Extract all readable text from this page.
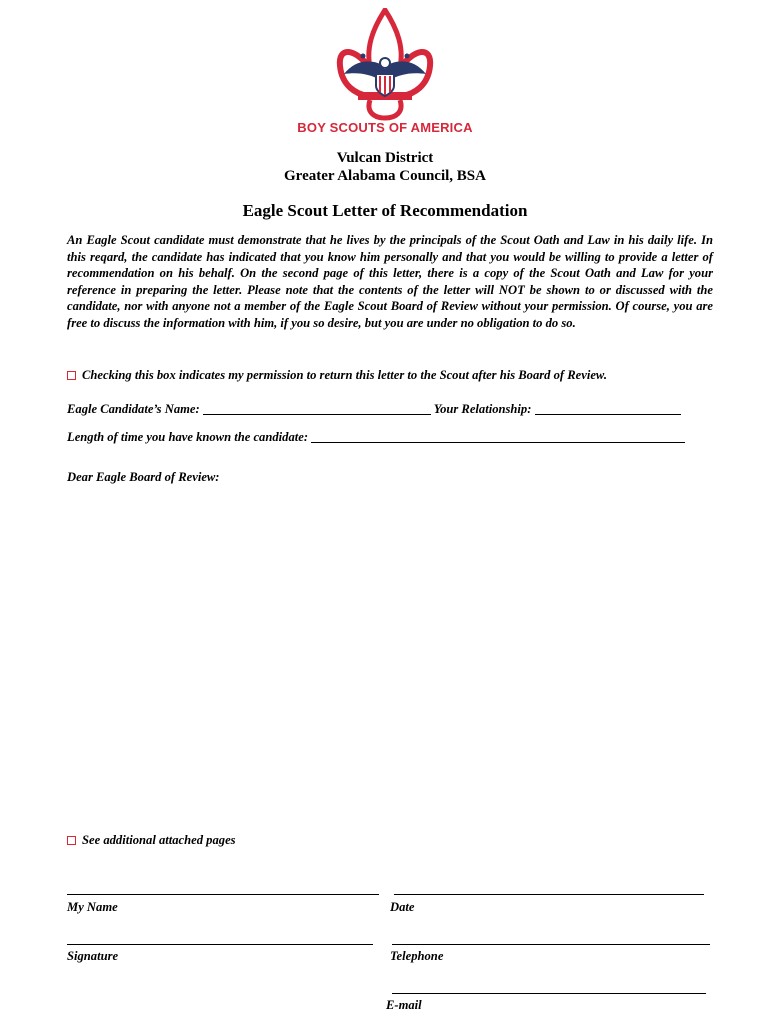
BOY SCOUTS OF AMERICA
Vulcan District
Greater Alabama Council, BSA
Eagle Scout Letter of Recommendation
An Eagle Scout candidate must demonstrate that he lives by the principals of the Scout Oath and Law in his daily life. In this reqard, the candidate has indicated that you know him personally and that you would be willing to provide a letter of recommendation on his behalf. On the second page of this letter, there is a copy of the Scout Oath and Law for your reference in preparing the letter. Please note that the contents of the letter will NOT be shown to or discussed with the candidate, nor with anyone not a member of the Eagle Scout Board of Review without your permission. Of course, you are free to discuss the information with him, if you so desire, but you are under no obligation to do so.
Checking this box indicates my permission to return this letter to the Scout after his Board of Review.
Eagle Candidate’s Name:	Your Relationship:
Length of time you have known the candidate:
Dear Eagle Board of Review:
See additional attached pages
My Name	Date
Signature	Telephone
E-mail
